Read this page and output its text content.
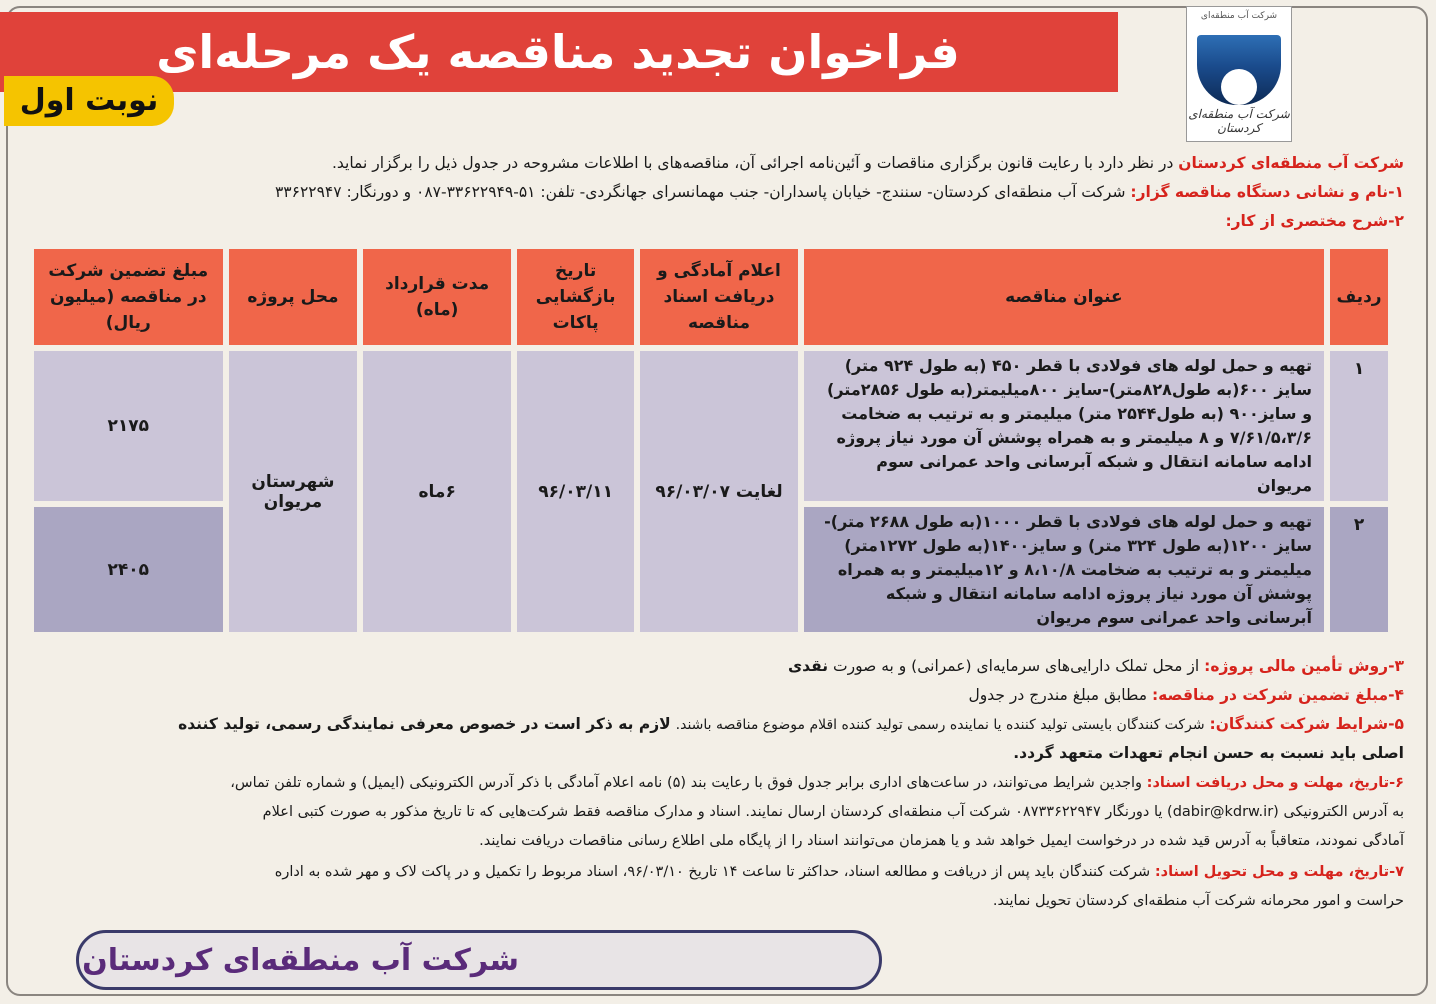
فراخوان تجدید مناقصه یک مرحله‌ای
نوبت اول
شرکت آب منطقه‌ای
شرکت آب منطقه‌ای کردستان
شرکت آب منطقه‌ای کردستان در نظر دارد با رعایت قانون برگزاری مناقصات و آئین‌نامه اجرائی آن، مناقصه‌های با اطلاعات مشروحه در جدول ذیل را برگزار نماید.
۱-نام و نشانی دستگاه مناقصه گزار: شرکت آب منطقه‌ای کردستان- سنندج- خیابان پاسداران- جنب مهمانسرای جهانگردی- تلفن: ۵۱-۳۳۶۲۲۹۴۹-۰۸۷ و دورنگار: ۳۳۶۲۲۹۴۷
۲-شرح مختصری از کار:
ردیف	عنوان مناقصه	اعلام آمادگی و دریافت اسناد مناقصه	تاریخ بازگشایی پاکات	مدت قرارداد (ماه)	محل پروژه	مبلغ تضمین شرکت در مناقصه (میلیون ریال)
۱	تهیه و حمل لوله های فولادی با قطر ۴۵۰ (به طول ۹۲۴ متر) سایز ۶۰۰(به طول۸۲۸متر)-سایز ۸۰۰میلیمتر(به طول ۲۸۵۶متر) و سایز۹۰۰ (به طول۲۵۴۴ متر) میلیمتر و به ترتیب به ضخامت ۷/۶۱/۵،۳/۶ و ۸ میلیمتر و به همراه پوشش آن مورد نیاز پروژه ادامه سامانه انتقال و شبکه آبرسانی واحد عمرانی سوم مریوان	لغایت ۹۶/۰۳/۰۷	۹۶/۰۳/۱۱	۶ماه	شهرستان مریوان	۲۱۷۵
۲	تهیه و حمل لوله های فولادی با قطر ۱۰۰۰(به طول ۲۶۸۸ متر)- سایز ۱۲۰۰(به طول ۳۲۴ متر) و سایز۱۴۰۰(به طول ۱۲۷۲متر) میلیمتر و به ترتیب به ضخامت ۸،۱۰/۸ و ۱۲میلیمتر و به همراه پوشش آن مورد نیاز پروژه ادامه سامانه انتقال و شبکه آبرسانی واحد عمرانی سوم مریوان					۲۴۰۵
۳-روش تأمین مالی پروژه: از محل تملک دارایی‌های سرمایه‌ای (عمرانی) و به صورت نقدی
۴-مبلغ تضمین شرکت در مناقصه: مطابق مبلغ مندرج در جدول
۵-شرایط شرکت کنندگان: شرکت کنندگان بایستی تولید کننده یا نماینده رسمی تولید کننده اقلام موضوع مناقصه باشند. لازم به ذکر است در خصوص معرفی نمایندگی رسمی، تولید کننده
اصلی باید نسبت به حسن انجام تعهدات متعهد گردد.
۶-تاریخ، مهلت و محل دریافت اسناد: واجدین شرایط می‌توانند، در ساعت‌های اداری برابر جدول فوق با رعایت بند (۵) نامه اعلام آمادگی با ذکر آدرس الکترونیکی (ایمیل) و شماره تلفن تماس،
به آدرس الکترونیکی (dabir@kdrw.ir) یا دورنگار ۰۸۷۳۳۶۲۲۹۴۷ شرکت آب منطقه‌ای کردستان ارسال نمایند. اسناد و مدارک مناقصه فقط شرکت‌هایی که تا تاریخ مذکور به صورت کتبی اعلام
آمادگی نمودند، متعاقباً به آدرس قید شده در درخواست ایمیل خواهد شد و یا همزمان می‌توانند اسناد را از پایگاه ملی اطلاع رسانی مناقصات دریافت نمایند.
۷-تاریخ، مهلت و محل تحویل اسناد: شرکت کنندگان باید پس از دریافت و مطالعه اسناد، حداکثر تا ساعت ۱۴ تاریخ ۹۶/۰۳/۱۰، اسناد مربوط را تکمیل و در پاکت لاک و مهر شده به اداره
حراست و امور محرمانه شرکت آب منطقه‌ای کردستان تحویل نمایند.
شرکت آب منطقه‌ای کردستان
